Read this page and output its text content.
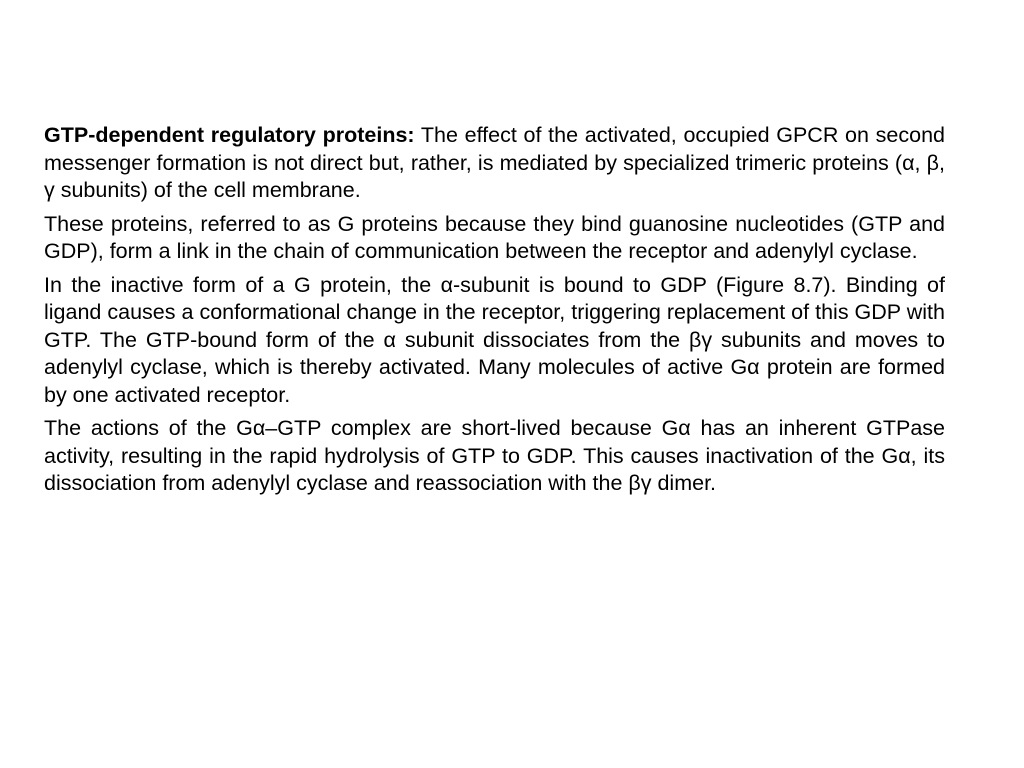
GTP-dependent regulatory proteins: The effect of the activated, occupied GPCR on second messenger formation is not direct but, rather, is mediated by specialized trimeric proteins (α, β, γ subunits) of the cell membrane.

These proteins, referred to as G proteins because they bind guanosine nucleotides (GTP and GDP), form a link in the chain of communication between the receptor and adenylyl cyclase.

In the inactive form of a G protein, the α-subunit is bound to GDP (Figure 8.7). Binding of ligand causes a conformational change in the receptor, triggering replacement of this GDP with GTP. The GTP-bound form of the α subunit dissociates from the βγ subunits and moves to adenylyl cyclase, which is thereby activated. Many molecules of active Gα protein are formed by one activated receptor.

The actions of the Gα–GTP complex are short-lived because Gα has an inherent GTPase activity, resulting in the rapid hydrolysis of GTP to GDP. This causes inactivation of the Gα, its dissociation from adenylyl cyclase and reassociation with the βγ dimer.
